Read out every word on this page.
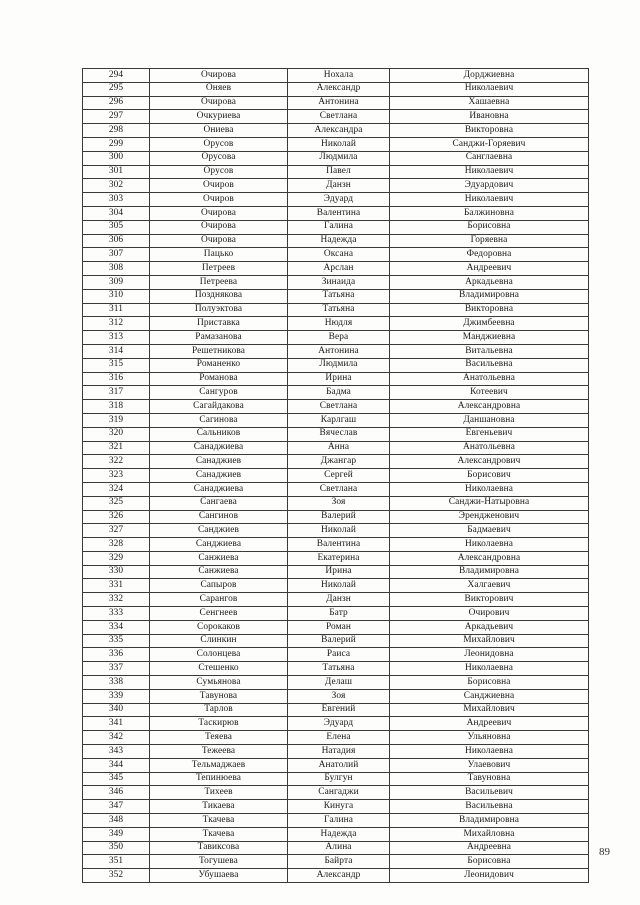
294	Очирова	Нохала	Дорджиевна
295	Оняев	Александр	Николаевич
296	Очирова	Антонина	Хашаевна
297	Очкуриева	Светлана	Ивановна
298	Ониева	Александра	Викторовна
299	Орусов	Николай	Санджи-Горяевич
300	Орусова	Людмила	Санглаевна
301	Орусов	Павел	Николаевич
302	Очиров	Данзн	Эдуардович
303	Очиров	Эдуард	Николаевич
304	Очирова	Валентина	Балжиновна
305	Очирова	Галина	Борисовна
306	Очирова	Надежда	Горяевна
307	Пацько	Оксана	Федоровна
308	Петреев	Арслан	Андреевич
309	Петреева	Зинаида	Аркадьевна
310	Позднякова	Татьяна	Владимировна
311	Полуэктова	Татьяна	Викторовна
312	Приставка	Нюдля	Джимбеевна
313	Рамазанова	Вера	Манджиевна
314	Решетникова	Антонина	Витальевна
315	Романенко	Людмила	Васильевна
316	Романова	Ирина	Анатольевна
317	Сангуров	Бадма	Котеевич
318	Сагайдакова	Светлана	Александровна
319	Сагинова	Карлгаш	Даншановна
320	Сальников	Вячеслав	Евгеньевич
321	Санаджиева	Анна	Анатольевна
322	Санаджиев	Джангар	Александрович
323	Санаджиев	Сергей	Борисович
324	Санаджиева	Светлана	Николаевна
325	Сангаева	Зоя	Санджи-Натыровна
326	Сангинов	Валерий	Эрендженович
327	Санджиев	Николай	Бадмаевич
328	Санджиева	Валентина	Николаевна
329	Санжиева	Екатерина	Александровна
330	Санжиева	Ирина	Владимировна
331	Сапыров	Николай	Халгаевич
332	Сарангов	Данзн	Викторович
333	Сенгнеев	Батр	Очирович
334	Сорокаков	Роман	Аркадьевич
335	Слинкин	Валерий	Михайлович
336	Солонцева	Раиса	Леонидовна
337	Стешенко	Татьяна	Николаевна
338	Сумьянова	Делаш	Борисовна
339	Тавунова	Зоя	Санджиевна
340	Тарлов	Евгений	Михайлович
341	Таскирюв	Эдуард	Андреевич
342	Теяева	Елена	Ульяновна
343	Тежеева	Натадия	Николаевна
344	Тельмаджаев	Анатолий	Улаевович
345	Тепинюева	Булгун	Тавуновна
346	Тихеев	Сангаджи	Васильевич
347	Тикаева	Кинуга	Васильевна
348	Ткачева	Галина	Владимировна
349	Ткачева	Надежда	Михайловна
350	Тавиксова	Алина	Андреевна
351	Тогушева	Байрта	Борисовна
352	Убушаева	Александр	Леонидович
89
